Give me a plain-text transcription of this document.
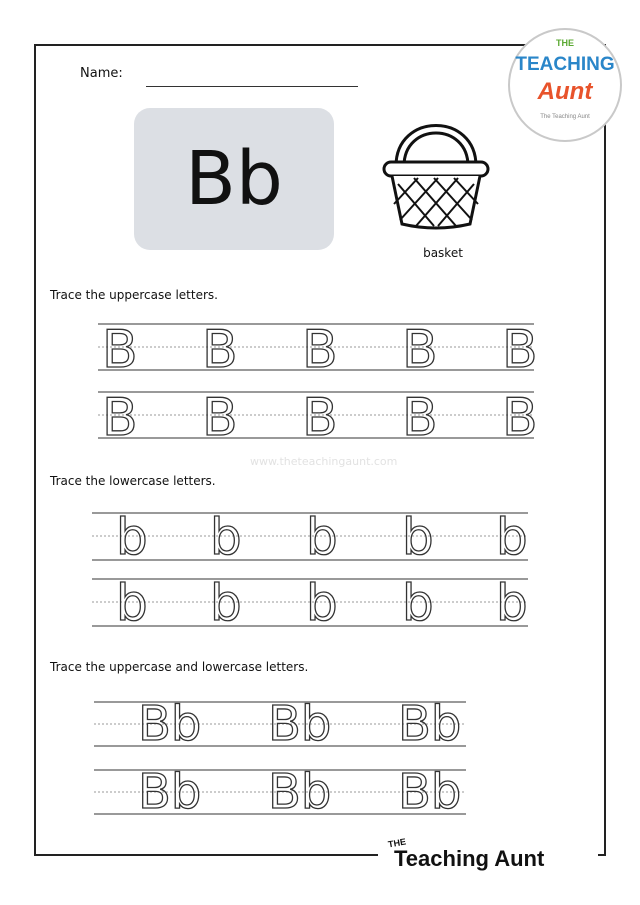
Name:
Bb
basket
Trace the uppercase letters.
B B B B B
B B B B B
www.theteachingaunt.com
Trace the lowercase letters.
b b b b b
b b b b b
Trace the uppercase and lowercase letters.
Bb Bb Bb
Bb Bb Bb
THE
TEACHING
Aunt
The Teaching Aunt
THE
Teaching Aunt
